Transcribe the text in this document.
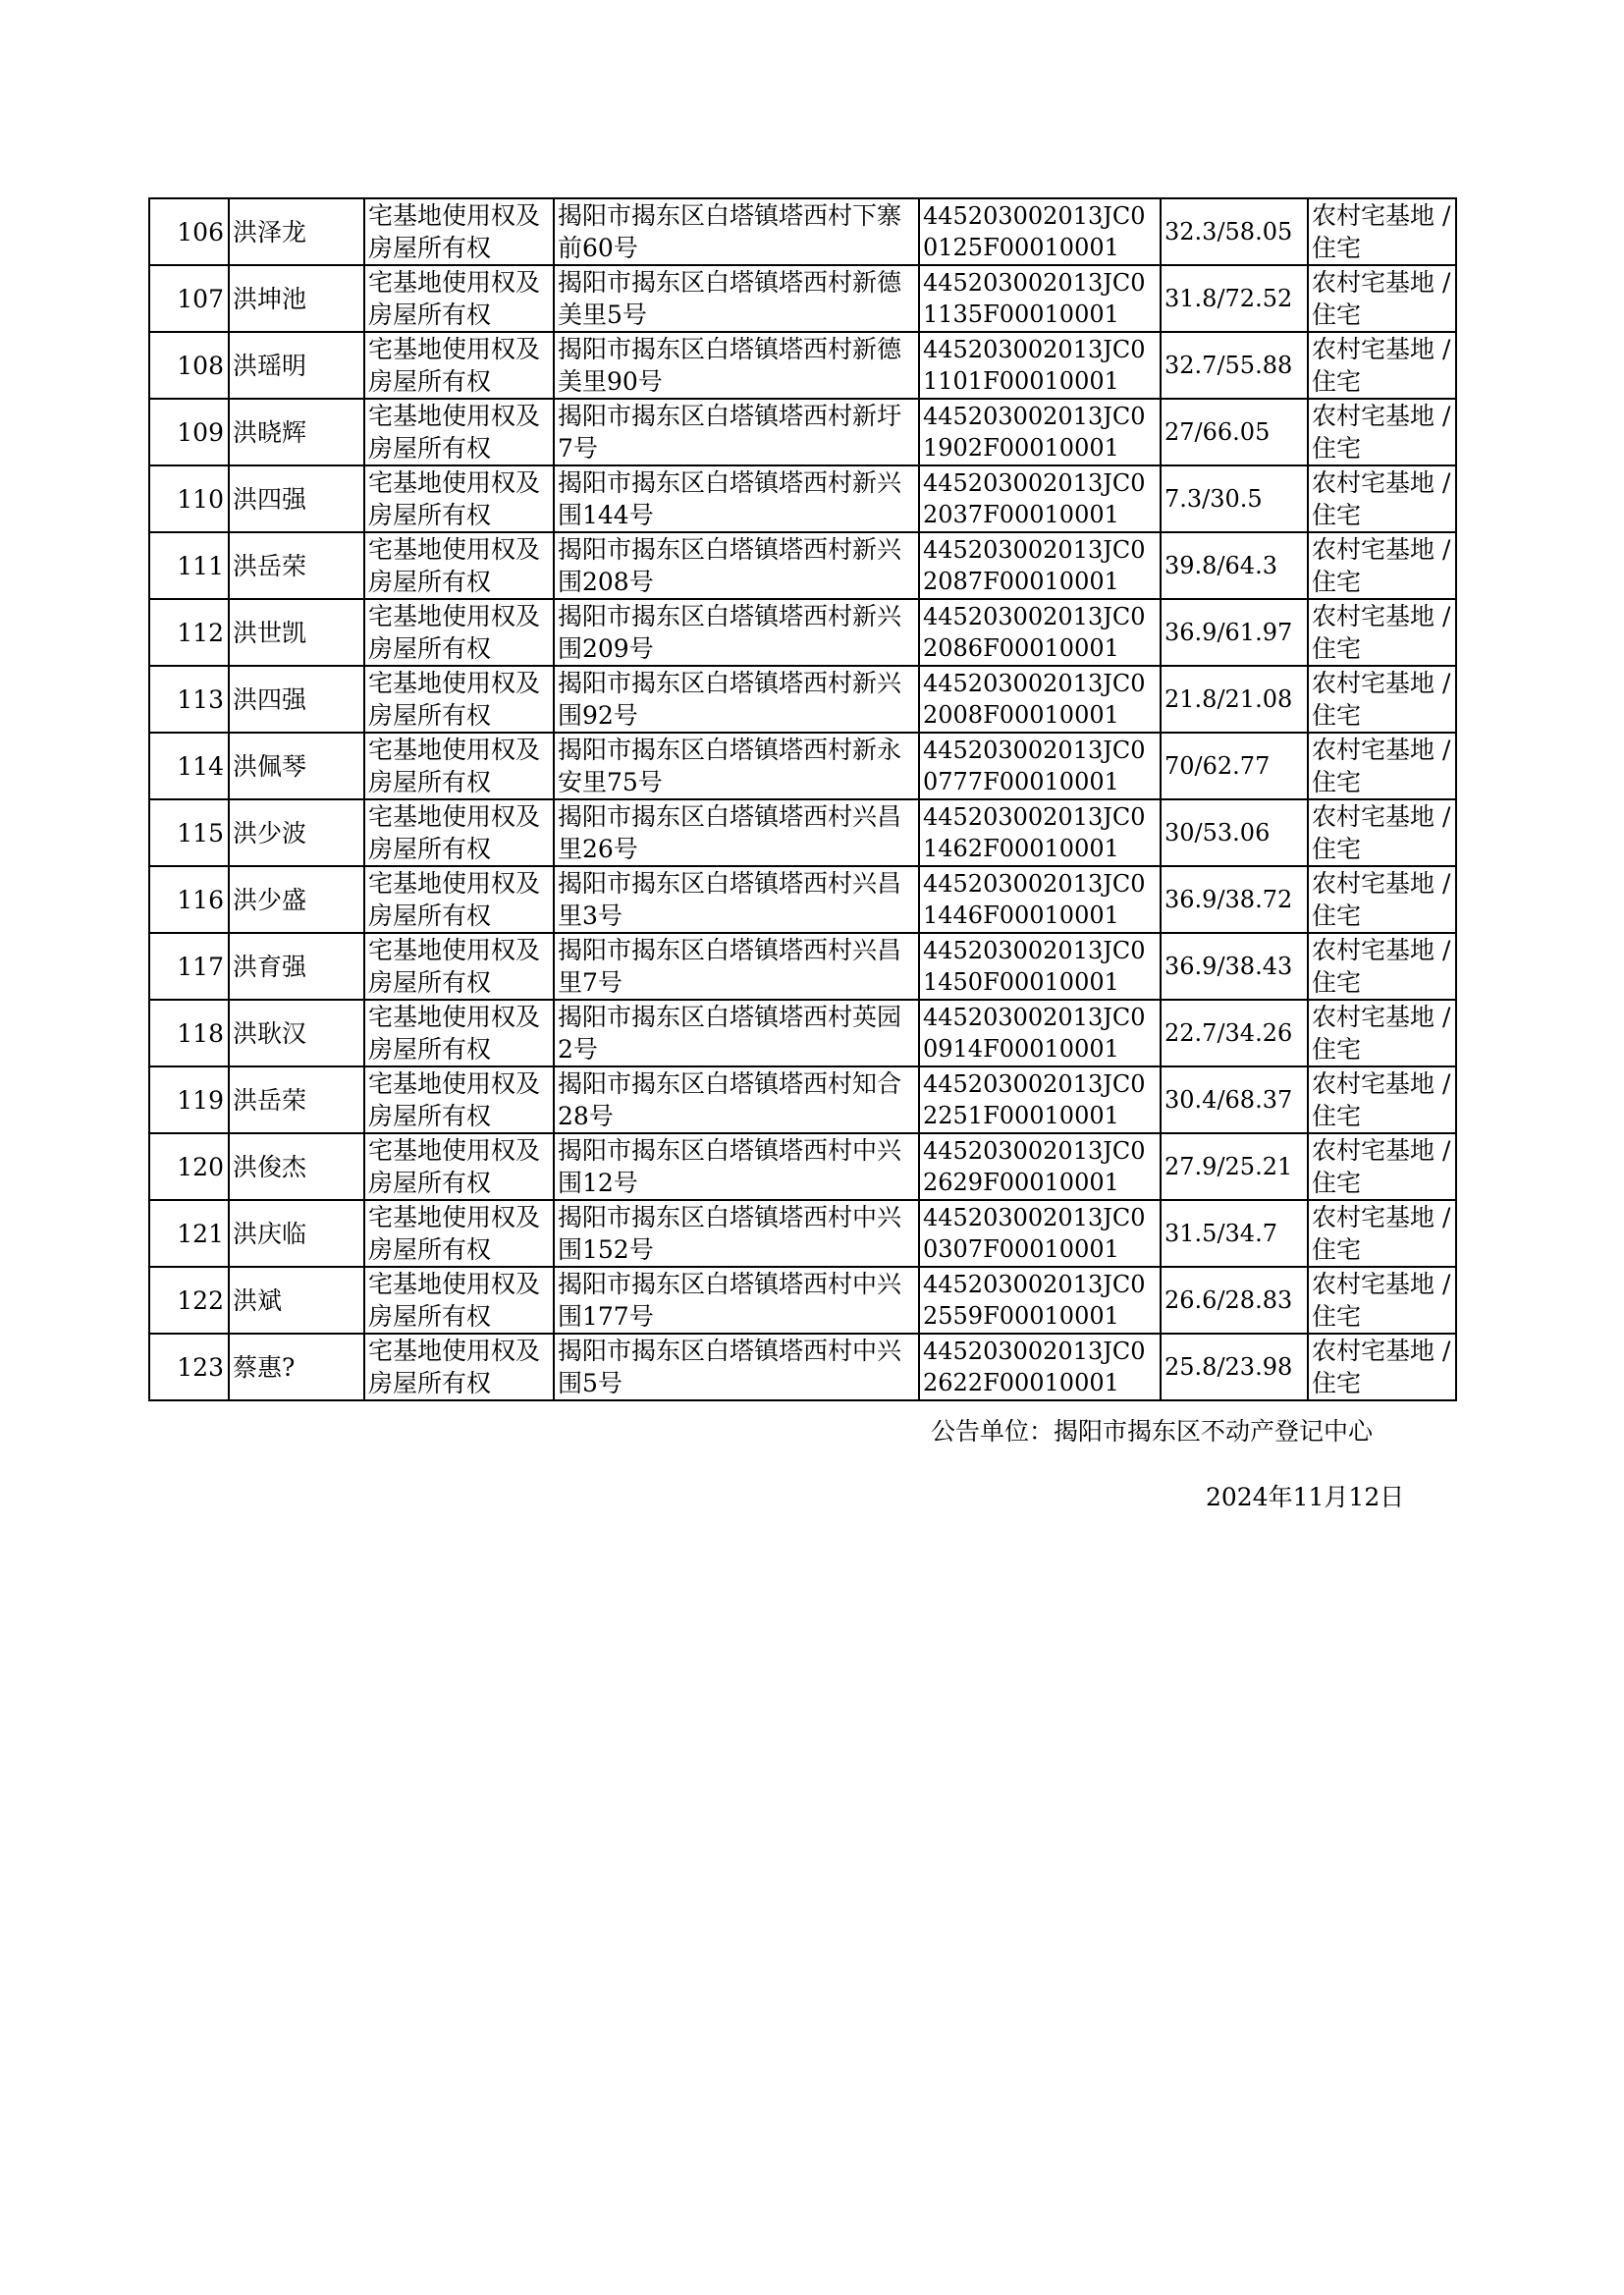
106	洪泽龙	宅基地使用权及房屋所有权	揭阳市揭东区白塔镇塔西村下寨前60号	445203002013JC00125F00010001	32.3/58.05	农村宅基地 / 住宅
107	洪坤池	宅基地使用权及房屋所有权	揭阳市揭东区白塔镇塔西村新德美里5号	445203002013JC01135F00010001	31.8/72.52	农村宅基地 / 住宅
108	洪瑶明	宅基地使用权及房屋所有权	揭阳市揭东区白塔镇塔西村新德美里90号	445203002013JC01101F00010001	32.7/55.88	农村宅基地 / 住宅
109	洪晓辉	宅基地使用权及房屋所有权	揭阳市揭东区白塔镇塔西村新圩7号	445203002013JC01902F00010001	27/66.05	农村宅基地 / 住宅
110	洪四强	宅基地使用权及房屋所有权	揭阳市揭东区白塔镇塔西村新兴围144号	445203002013JC02037F00010001	7.3/30.5	农村宅基地 / 住宅
111	洪岳荣	宅基地使用权及房屋所有权	揭阳市揭东区白塔镇塔西村新兴围208号	445203002013JC02087F00010001	39.8/64.3	农村宅基地 / 住宅
112	洪世凯	宅基地使用权及房屋所有权	揭阳市揭东区白塔镇塔西村新兴围209号	445203002013JC02086F00010001	36.9/61.97	农村宅基地 / 住宅
113	洪四强	宅基地使用权及房屋所有权	揭阳市揭东区白塔镇塔西村新兴围92号	445203002013JC02008F00010001	21.8/21.08	农村宅基地 / 住宅
114	洪佩琴	宅基地使用权及房屋所有权	揭阳市揭东区白塔镇塔西村新永安里75号	445203002013JC00777F00010001	70/62.77	农村宅基地 / 住宅
115	洪少波	宅基地使用权及房屋所有权	揭阳市揭东区白塔镇塔西村兴昌里26号	445203002013JC01462F00010001	30/53.06	农村宅基地 / 住宅
116	洪少盛	宅基地使用权及房屋所有权	揭阳市揭东区白塔镇塔西村兴昌里3号	445203002013JC01446F00010001	36.9/38.72	农村宅基地 / 住宅
117	洪育强	宅基地使用权及房屋所有权	揭阳市揭东区白塔镇塔西村兴昌里7号	445203002013JC01450F00010001	36.9/38.43	农村宅基地 / 住宅
118	洪耿汉	宅基地使用权及房屋所有权	揭阳市揭东区白塔镇塔西村英园2号	445203002013JC00914F00010001	22.7/34.26	农村宅基地 / 住宅
119	洪岳荣	宅基地使用权及房屋所有权	揭阳市揭东区白塔镇塔西村知合28号	445203002013JC02251F00010001	30.4/68.37	农村宅基地 / 住宅
120	洪俊杰	宅基地使用权及房屋所有权	揭阳市揭东区白塔镇塔西村中兴围12号	445203002013JC02629F00010001	27.9/25.21	农村宅基地 / 住宅
121	洪庆临	宅基地使用权及房屋所有权	揭阳市揭东区白塔镇塔西村中兴围152号	445203002013JC00307F00010001	31.5/34.7	农村宅基地 / 住宅
122	洪斌	宅基地使用权及房屋所有权	揭阳市揭东区白塔镇塔西村中兴围177号	445203002013JC02559F00010001	26.6/28.83	农村宅基地 / 住宅
123	蔡惠?	宅基地使用权及房屋所有权	揭阳市揭东区白塔镇塔西村中兴围5号	445203002013JC02622F00010001	25.8/23.98	农村宅基地 / 住宅
公告单位：揭阳市揭东区不动产登记中心
2024年11月12日
